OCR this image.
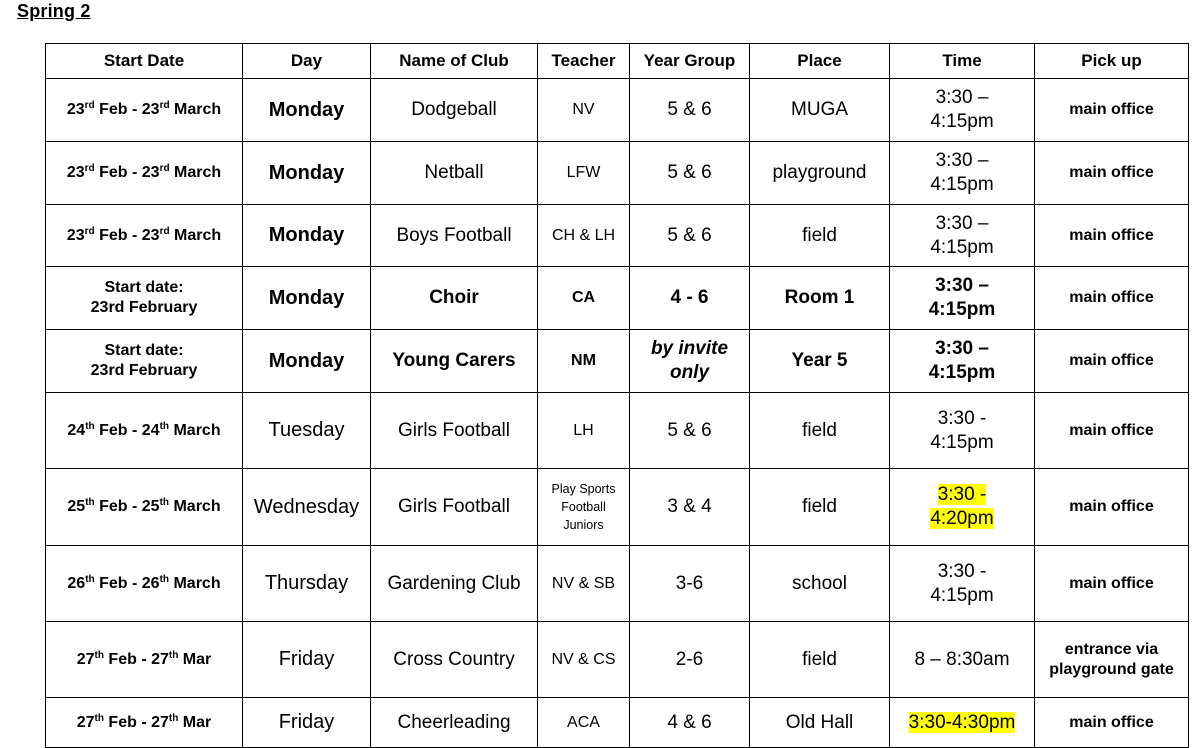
Spring 2
Start Date	Day	Name of Club	Teacher	Year Group	Place	Time	Pick up
23rd Feb - 23rd March	Monday	Dodgeball	NV	5 & 6	MUGA	3:30 –
4:15pm	main office
23rd Feb - 23rd March	Monday	Netball	LFW	5 & 6	playground	3:30 –
4:15pm	main office
23rd Feb - 23rd March	Monday	Boys Football	CH & LH	5 & 6	field	3:30 –
4:15pm	main office
Start date:
23rd February	Monday	Choir	CA	4 - 6	Room 1	3:30 –
4:15pm	main office
Start date:
23rd February	Monday	Young Carers	NM	by invite
only	Year 5	3:30 –
4:15pm	main office
24th Feb - 24th March	Tuesday	Girls Football	LH	5 & 6	field	3:30 -
4:15pm	main office
25th Feb - 25th March	Wednesday	Girls Football	Play Sports
Football
Juniors	3 & 4	field	3:30 -
4:20pm	main office
26th Feb - 26th March	Thursday	Gardening Club	NV & SB	3-6	school	3:30 -
4:15pm	main office
27th Feb - 27th Mar	Friday	Cross Country	NV & CS	2-6	field	8 – 8:30am	entrance via
playground gate
27th Feb - 27th Mar	Friday	Cheerleading	ACA	4 & 6	Old Hall	3:30-4:30pm	main office
